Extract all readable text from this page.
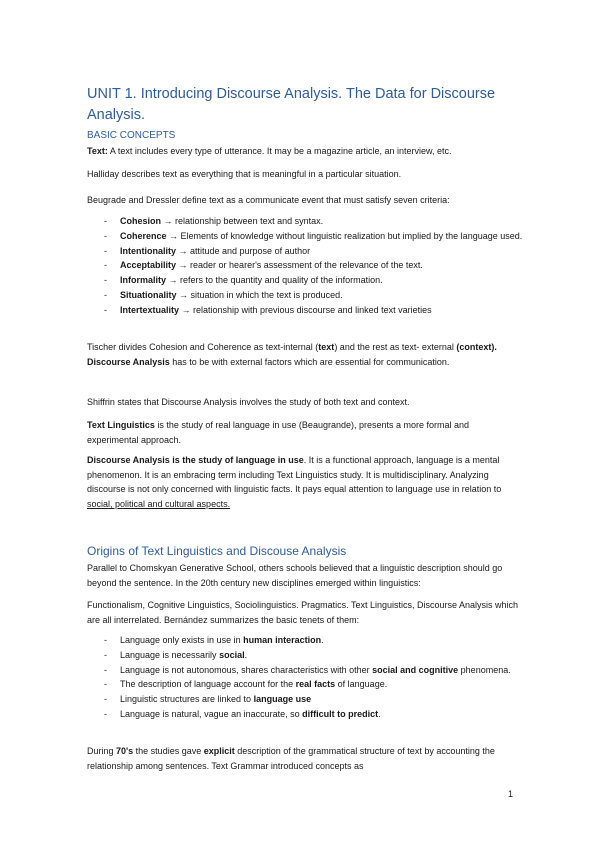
UNIT 1. Introducing Discourse Analysis. The Data for Discourse Analysis.
BASIC CONCEPTS

Text: A text includes every type of utterance. It may be a magazine article, an interview, etc.

Halliday describes text as everything that is meaningful in a particular situation.

Beugrade and Dressler define text as a communicate event that must satisfy seven criteria:

- Cohesion → relationship between text and syntax.
- Coherence → Elements of knowledge without linguistic realization but implied by the language used.
- Intentionality → attitude and purpose of author
- Acceptability → reader or hearer's assessment of the relevance of the text.
- Informality → refers to the quantity and quality of the information.
- Situationality → situation in which the text is produced.
- Intertextuality → relationship with previous discourse and linked text varieties

Tischer divides Cohesion and Coherence as text-internal (text) and the rest as text- external (context). Discourse Analysis has to be with external factors which are essential for communication.

Shiffrin states that Discourse Analysis involves the study of both text and context.

Text Linguistics is the study of real language in use (Beaugrande), presents a more formal and experimental approach.

Discourse Analysis is the study of language in use. It is a functional approach, language is a mental phenomenon. It is an embracing term including Text Linguistics study. It is multidisciplinary. Analyzing discourse is not only concerned with linguistic facts. It pays equal attention to language use in relation to social, political and cultural aspects.

Origins of Text Linguistics and Discouse Analysis

Parallel to Chomskyan Generative School, others schools believed that a linguistic description should go beyond the sentence. In the 20th century new disciplines emerged within linguistics:

Functionalism, Cognitive Linguistics, Sociolinguistics. Pragmatics. Text Linguistics, Discourse Analysis which are all interrelated. Bernández summarizes the basic tenets of them:

- Language only exists in use in human interaction.
- Language is necessarily social.
- Language is not autonomous, shares characteristics with other social and cognitive phenomena.
- The description of language account for the real facts of language.
- Linguistic structures are linked to language use
- Language is natural, vague an inaccurate, so difficult to predict.

During 70's the studies gave explicit description of the grammatical structure of text by accounting the relationship among sentences. Text Grammar introduced concepts as

1
